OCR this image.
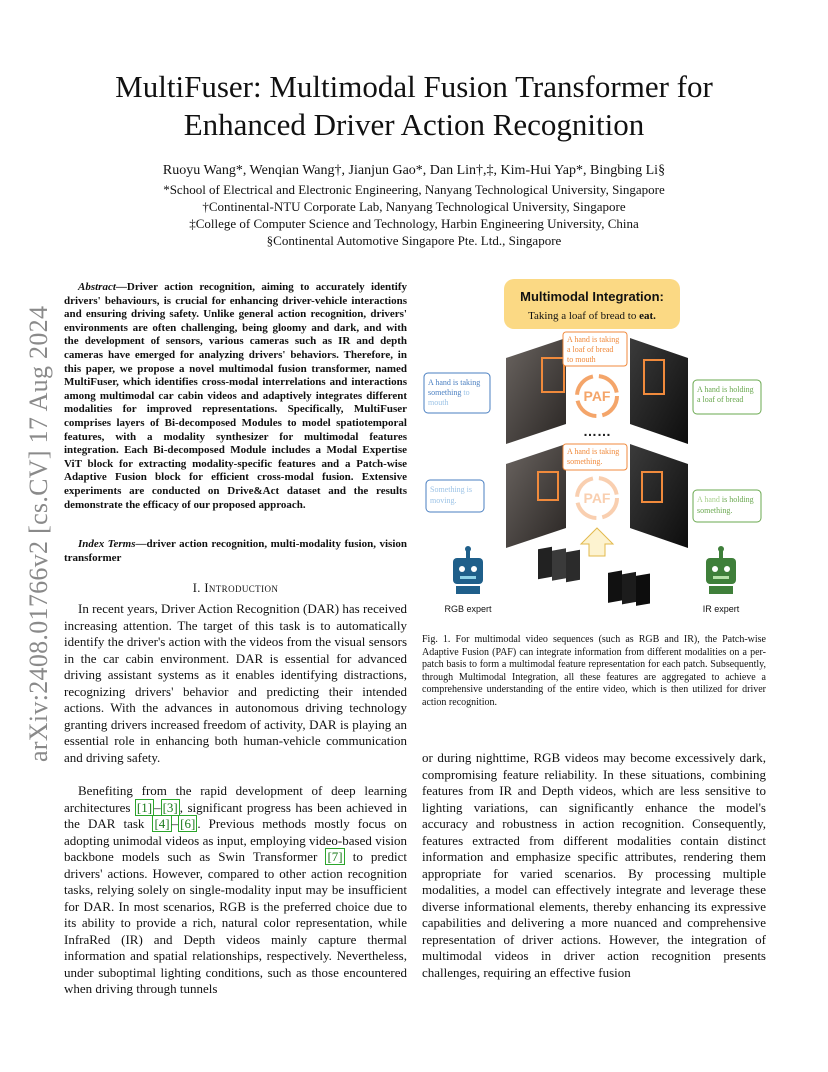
arXiv:2408.01766v2 [cs.CV] 17 Aug 2024
MultiFuser: Multimodal Fusion Transformer for
Enhanced Driver Action Recognition
Ruoyu Wang*, Wenqian Wang†, Jianjun Gao*, Dan Lin†,‡, Kim-Hui Yap*, Bingbing Li§
*School of Electrical and Electronic Engineering, Nanyang Technological University, Singapore
†Continental-NTU Corporate Lab, Nanyang Technological University, Singapore
‡College of Computer Science and Technology, Harbin Engineering University, China
§Continental Automotive Singapore Pte. Ltd., Singapore
Abstract—Driver action recognition, aiming to accurately identify drivers' behaviours, is crucial for enhancing driver-vehicle interactions and ensuring driving safety. Unlike general action recognition, drivers' environments are often challenging, being gloomy and dark, and with the development of sensors, various cameras such as IR and depth cameras have emerged for analyzing drivers' behaviors. Therefore, in this paper, we propose a novel multimodal fusion transformer, named MultiFuser, which identifies cross-modal interrelations and interactions among multimodal car cabin videos and adaptively integrates different modalities for improved representations. Specifically, MultiFuser comprises layers of Bi-decomposed Modules to model spatiotemporal features, with a modality synthesizer for multimodal features integration. Each Bi-decomposed Module includes a Modal Expertise ViT block for extracting modality-specific features and a Patch-wise Adaptive Fusion block for efficient cross-modal fusion. Extensive experiments are conducted on Drive&Act dataset and the results demonstrate the efficacy of our proposed approach.
Index Terms—driver action recognition, multi-modality fusion, vision transformer
I. Introduction
In recent years, Driver Action Recognition (DAR) has received increasing attention. The target of this task is to automatically identify the driver's action with the videos from the visual sensors in the car cabin environment. DAR is essential for advanced driving assistant systems as it enables identifying distractions, recognizing drivers' behavior and predicting their intended actions. With the advances in autonomous driving technology granting drivers increased freedom of activity, DAR is playing an essential role in enhancing both human-vehicle communication and driving safety.
Benefiting from the rapid development of deep learning architectures [1] – [3] , significant progress has been achieved in the DAR task [4] – [6] . Previous methods mostly focus on adopting unimodal videos as input, employing video-based vision backbone models such as Swin Transformer [7] to predict drivers' actions. However, compared to other action recognition tasks, relying solely on single-modality input may be insufficient for DAR. In most scenarios, RGB is the preferred choice due to its ability to provide a rich, natural color representation, while InfraRed (IR) and Depth videos mainly capture thermal information and spatial relationships, respectively. Nevertheless, under suboptimal lighting conditions, such as those encountered when driving through tunnels
or during nighttime, RGB videos may become excessively dark, compromising feature reliability. In these situations, combining features from IR and Depth videos, which are less sensitive to lighting variations, can significantly enhance the model's accuracy and robustness in action recognition. Consequently, features extracted from different modalities contain distinct information and emphasize specific attributes, rendering them appropriate for varied scenarios. By processing multiple modalities, a model can effectively integrate and leverage these diverse informational elements, thereby enhancing its expressive capabilities and delivering a more nuanced and comprehensive representation of driver actions. However, the integration of multimodal videos in driver action recognition presents challenges, requiring an effective fusion
Fig. 1. For multimodal video sequences (such as RGB and IR), the Patch-wise Adaptive Fusion (PAF) can integrate information from different modalities on a per-patch basis to form a multimodal feature representation for each patch. Subsequently, through Multimodal Integration, all these features are aggregated to achieve a comprehensive understanding of the entire video, which is then utilized for driver action recognition.
Multimodal Integration:
Taking a loaf of bread to eat.
PAF
A hand is taking a loaf of bread to mouth
A hand is taking something to mouth
A hand is holding a loaf of bread
……
PAF
A hand is taking something.
Something is moving.	A hand is holding something.
RGB expert	IR expert
